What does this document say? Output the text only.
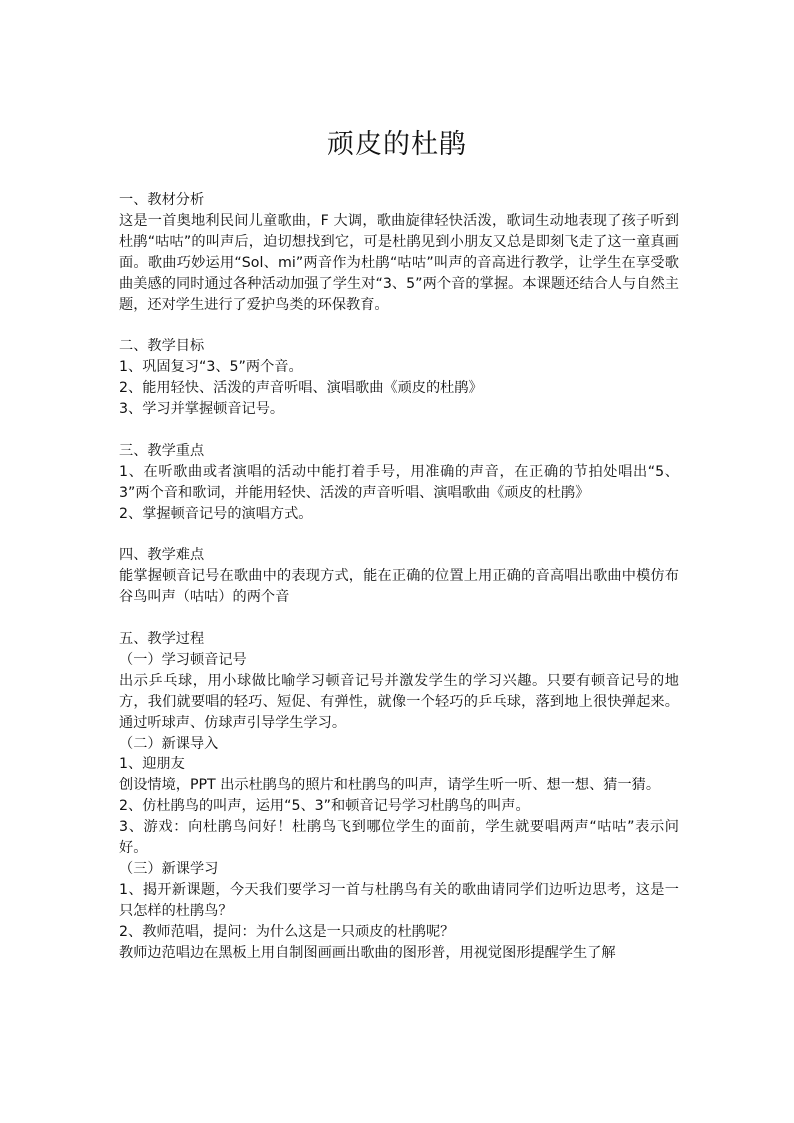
顽皮的杜鹃
一、教材分析

这是一首奥地利民间儿童歌曲，F 大调，歌曲旋律轻快活泼，歌词生动地表现了孩子听到杜鹃“咕咕”的叫声后，迫切想找到它，可是杜鹃见到小朋友又总是即刻飞走了这一童真画面。歌曲巧妙运用“Sol、mi”两音作为杜鹃“咕咕”叫声的音高进行教学，让学生在享受歌曲美感的同时通过各种活动加强了学生对“3、5”两个音的掌握。本课题还结合人与自然主题，还对学生进行了爱护鸟类的环保教育。

二、教学目标

1、巩固复习“3、5”两个音。

2、能用轻快、活泼的声音听唱、演唱歌曲《顽皮的杜鹃》

3、学习并掌握顿音记号。

三、教学重点

1、在听歌曲或者演唱的活动中能打着手号，用准确的声音，在正确的节拍处唱出“5、3”两个音和歌词，并能用轻快、活泼的声音听唱、演唱歌曲《顽皮的杜鹃》

2、掌握顿音记号的演唱方式。

四、教学难点

能掌握顿音记号在歌曲中的表现方式，能在正确的位置上用正确的音高唱出歌曲中模仿布谷鸟叫声（咕咕）的两个音

五、教学过程

（一）学习顿音记号

出示乒乓球，用小球做比喻学习顿音记号并激发学生的学习兴趣。只要有顿音记号的地方，我们就要唱的轻巧、短促、有弹性，就像一个轻巧的乒乓球，落到地上很快弹起来。通过听球声、仿球声引导学生学习。

（二）新课导入

1、迎朋友

创设情境，PPT 出示杜鹃鸟的照片和杜鹃鸟的叫声，请学生听一听、想一想、猜一猜。

2、仿杜鹃鸟的叫声，运用“5、3”和顿音记号学习杜鹃鸟的叫声。

3、游戏：向杜鹃鸟问好！杜鹃鸟飞到哪位学生的面前，学生就要唱两声“咕咕”表示问好。

（三）新课学习

1、揭开新课题，今天我们要学习一首与杜鹃鸟有关的歌曲请同学们边听边思考，这是一只怎样的杜鹃鸟？

2、教师范唱，提问：为什么这是一只顽皮的杜鹃呢？

教师边范唱边在黑板上用自制图画画出歌曲的图形普，用视觉图形提醒学生了解
